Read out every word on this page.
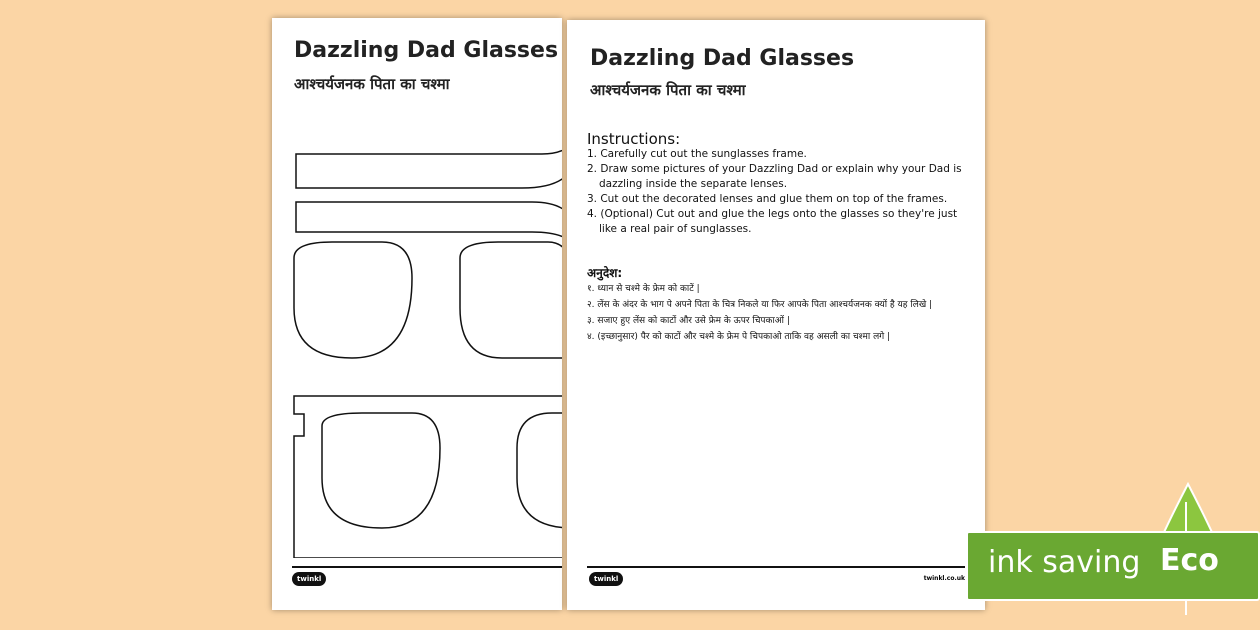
Dazzling Dad Glasses
आश्चर्यजनक पिता का चश्मा
twinkl
Dazzling Dad Glasses
आश्चर्यजनक पिता का चश्मा
Instructions:
1. Carefully cut out the sunglasses frame.
2. Draw some pictures of your Dazzling Dad or explain why your Dad is dazzling inside the separate lenses.
3. Cut out the decorated lenses and glue them on top of the frames.
4. (Optional) Cut out and glue the legs onto the glasses so they're just like a real pair of sunglasses.
अनुदेश:
१. ध्यान से चश्मे के फ्रेम को काटें |
२. लेंस के अंदर के भाग पे अपने पिता के चित्र निकले या फिर आपके पिता आश्चर्यजनक क्यों है यह लिखे |
३. सजाए हुए लेंस को काटों और उसे फ्रेम के ऊपर चिपकाओं |
४. (इच्छानुसार) पैर को काटों और चश्मे के फ्रेम पे चिपकाओ ताकि वह असली का चश्मा लगे |
twinkl	twinkl.co.uk ink saving Eco
